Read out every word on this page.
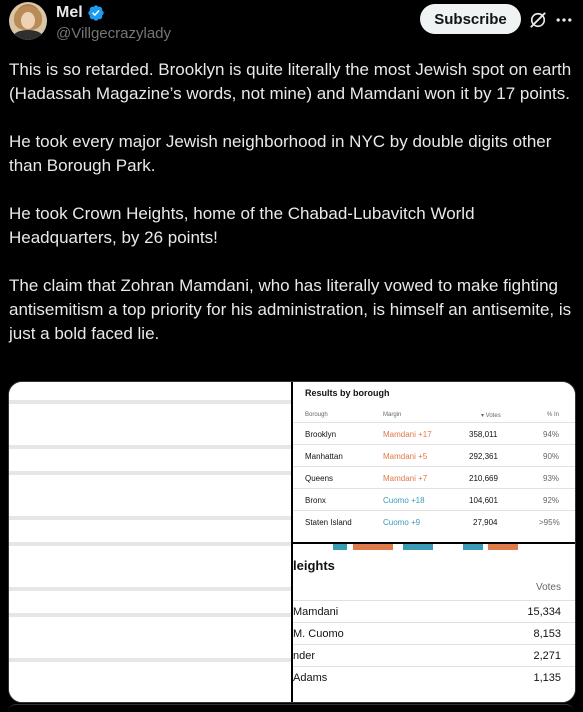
Mel
@Villgecrazylady
Subscribe

This is so retarded. Brooklyn is quite literally the most Jewish spot on earth (Hadassah Magazine’s words, not mine) and Mamdani won it by 17 points.

He took every major Jewish neighborhood in NYC by double digits other than Borough Park.

He took Crown Heights, home of the Chabad-Lubavitch World Headquarters, by 26 points!

The claim that Zohran Mamdani, who has literally vowed to make fighting antisemitism a top priority for his administration, is himself an antisemite, is just a bold faced lie.

Results by borough
Borough	Margin	▾ Votes	% In
Brooklyn	Mamdani +17	358,011	94%
Manhattan	Mamdani +5	292,361	90%
Queens	Mamdani +7	210,669	93%
Bronx	Cuomo +18	104,601	92%
Staten Island	Cuomo +9	27,904	>95%
leights
Votes
Mamdani	15,334
M. Cuomo	8,153
nder	2,271
Adams	1,135
